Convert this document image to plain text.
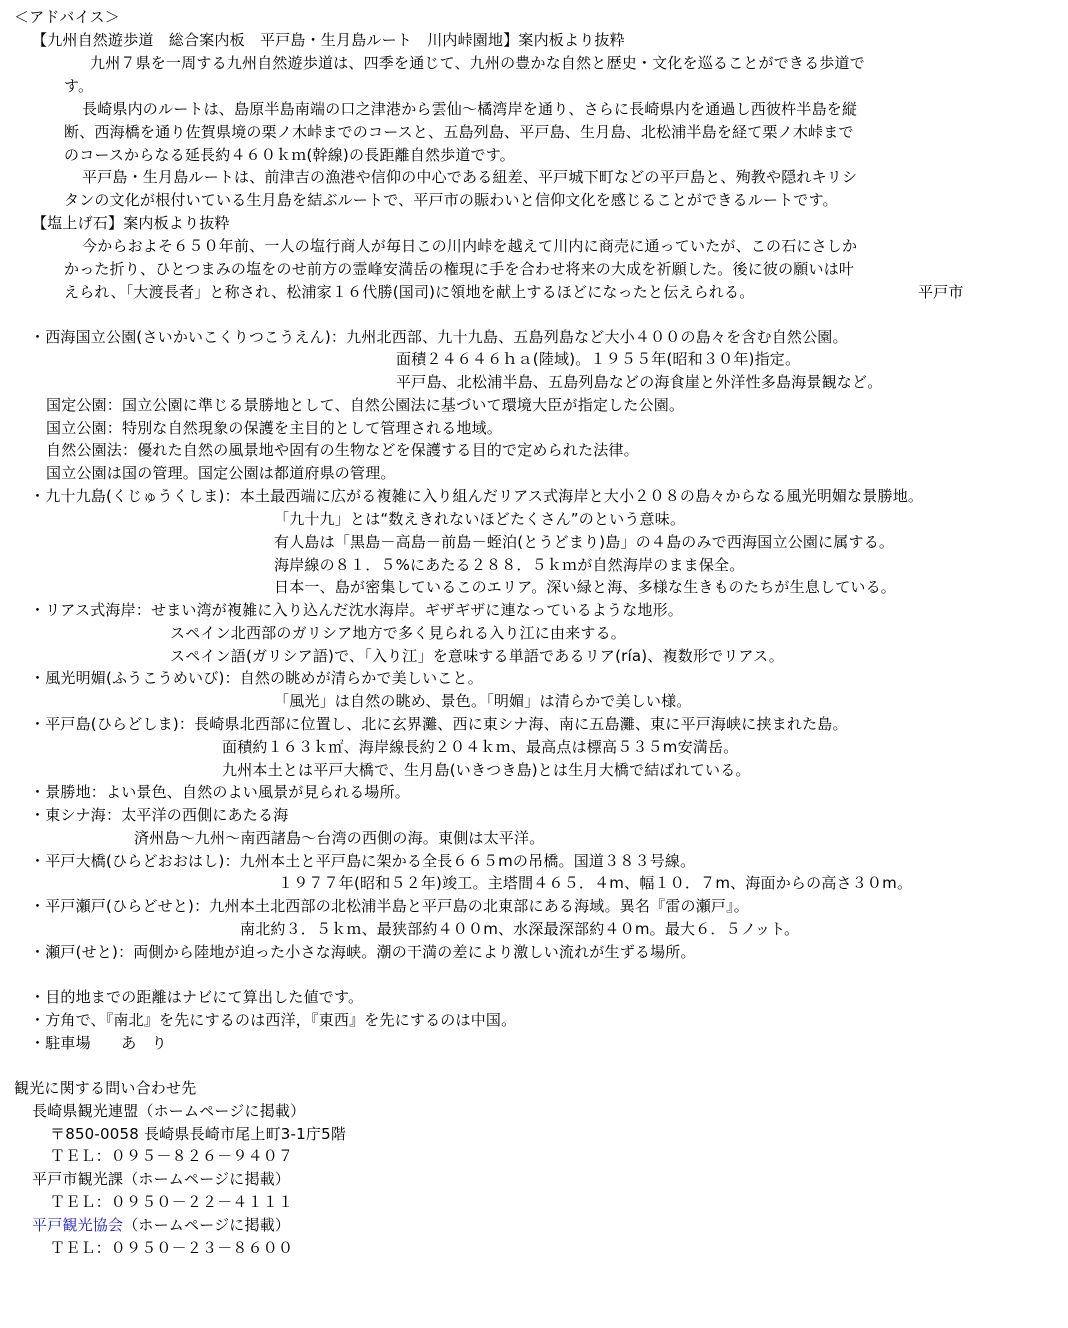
＜アドバイス＞
【九州自然遊歩道　総合案内板　平戸島・生月島ルート　川内峠園地】案内板より抜粋
九州７県を一周する九州自然遊歩道は、四季を通じて、九州の豊かな自然と歴史・文化を巡ることができる歩道で
す。
長崎県内のルートは、島原半島南端の口之津港から雲仙～橘湾岸を通り、さらに長崎県内を通過し西彼杵半島を縦
断、西海橋を通り佐賀県境の栗ノ木峠までのコースと、五島列島、平戸島、生月島、北松浦半島を経て栗ノ木峠まで
のコースからなる延長約４６０ｋｍ(幹線)の長距離自然歩道です。
平戸島・生月島ルートは、前津吉の漁港や信仰の中心である紐差、平戸城下町などの平戸島と、殉教や隠れキリシ
タンの文化が根付いている生月島を結ぶルートで、平戸市の賑わいと信仰文化を感じることができるルートです。
【塩上げ石】案内板より抜粋
今からおよそ６５０年前、一人の塩行商人が毎日この川内峠を越えて川内に商売に通っていたが、この石にさしか
かった折り、ひとつまみの塩をのせ前方の霊峰安満岳の権現に手を合わせ将来の大成を祈願した。後に彼の願いは叶
えられ、「大渡長者」と称され、松浦家１６代勝(国司)に領地を献上するほどになったと伝えられる。	平戸市
・西海国立公園(さいかいこくりつこうえん)：九州北西部、九十九島、五島列島など大小４００の島々を含む自然公園。
面積２４６４６ｈａ(陸域)。１９５５年(昭和３０年)指定。
平戸島、北松浦半島、五島列島などの海食崖と外洋性多島海景観など。
国定公園：国立公園に準じる景勝地として、自然公園法に基づいて環境大臣が指定した公園。
国立公園：特別な自然現象の保護を主目的として管理される地域。
自然公園法：優れた自然の風景地や固有の生物などを保護する目的で定められた法律。
国立公園は国の管理。国定公園は都道府県の管理。
・九十九島(くじゅうくしま)：本土最西端に広がる複雑に入り組んだリアス式海岸と大小２０８の島々からなる風光明媚な景勝地。
「九十九」とは“数えきれないほどたくさん”のという意味。
有人島は「黒島－高島－前島－蛭泊(とうどまり)島」の４島のみで西海国立公園に属する。
海岸線の８１．５%にあたる２８８．５ｋｍが自然海岸のまま保全。
日本一、島が密集しているこのエリア。深い緑と海、多様な生きものたちが生息している。
・リアス式海岸：せまい湾が複雑に入り込んだ沈水海岸。ギザギザに連なっているような地形。
スペイン北西部のガリシア地方で多く見られる入り江に由来する。
スペイン語(ガリシア語)で、「入り江」を意味する単語であるリア(ría)、複数形でリアス。
・風光明媚(ふうこうめいび)：自然の眺めが清らかで美しいこと。
「風光」は自然の眺め、景色。「明媚」は清らかで美しい様。
・平戸島(ひらどしま)：長崎県北西部に位置し、北に玄界灘、西に東シナ海、南に五島灘、東に平戸海峡に挟まれた島。
面積約１６３ｋ㎡、海岸線長約２０４ｋｍ、最高点は標高５３５m安満岳。
九州本土とは平戸大橋で、生月島(いきつき島)とは生月大橋で結ばれている。
・景勝地：よい景色、自然のよい風景が見られる場所。
・東シナ海：太平洋の西側にあたる海
済州島～九州～南西諸島～台湾の西側の海。東側は太平洋。
・平戸大橋(ひらどおおはし)：九州本土と平戸島に架かる全長６６５mの吊橋。国道３８３号線。
１９７７年(昭和５２年)竣工。主塔間４６５．４m、幅１０．７m、海面からの高さ３０m。
・平戸瀬戸(ひらどせと)：九州本土北西部の北松浦半島と平戸島の北東部にある海域。異名『雷の瀬戸』。
南北約３．５ｋｍ、最狭部約４００m、水深最深部約４０m。最大６．５ノット。
・瀬戸(せと)：両側から陸地が迫った小さな海峡。潮の干満の差により激しい流れが生ずる場所。
・目的地までの距離はナビにて算出した値です。
・方角で、『南北』を先にするのは西洋，『東西』を先にするのは中国。
・駐車場　　あ　り
観光に関する問い合わせ先
長崎県観光連盟（ホームページに掲載）
〒850-0058 長崎県長崎市尾上町3-1庁5階
ＴＥＬ：０９５－８２６－９４０７
平戸市観光課（ホームページに掲載）
ＴＥＬ：０９５０－２２－４１１１
平戸観光協会（ホームページに掲載）
ＴＥＬ：０９５０－２３－８６００
